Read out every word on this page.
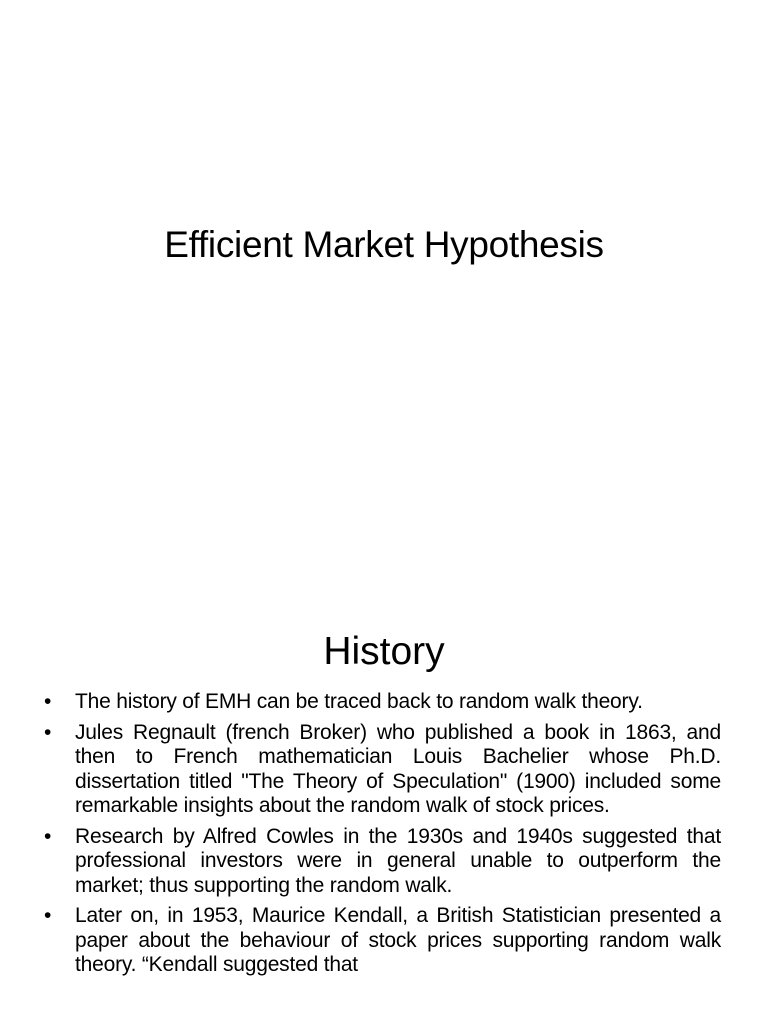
Efficient Market Hypothesis
History
• The history of EMH can be traced back to random walk theory.
• Jules Regnault (french Broker) who published a book in 1863, and then to French mathematician Louis Bachelier whose Ph.D. dissertation titled "The Theory of Speculation" (1900) included some remarkable insights about the random walk of stock prices.
• Research by Alfred Cowles in the 1930s and 1940s suggested that professional investors were in general unable to outperform the market; thus supporting the random walk.
• Later on, in 1953, Maurice Kendall, a British Statistician presented a paper about the behaviour of stock prices supporting random walk theory. “Kendall suggested that
